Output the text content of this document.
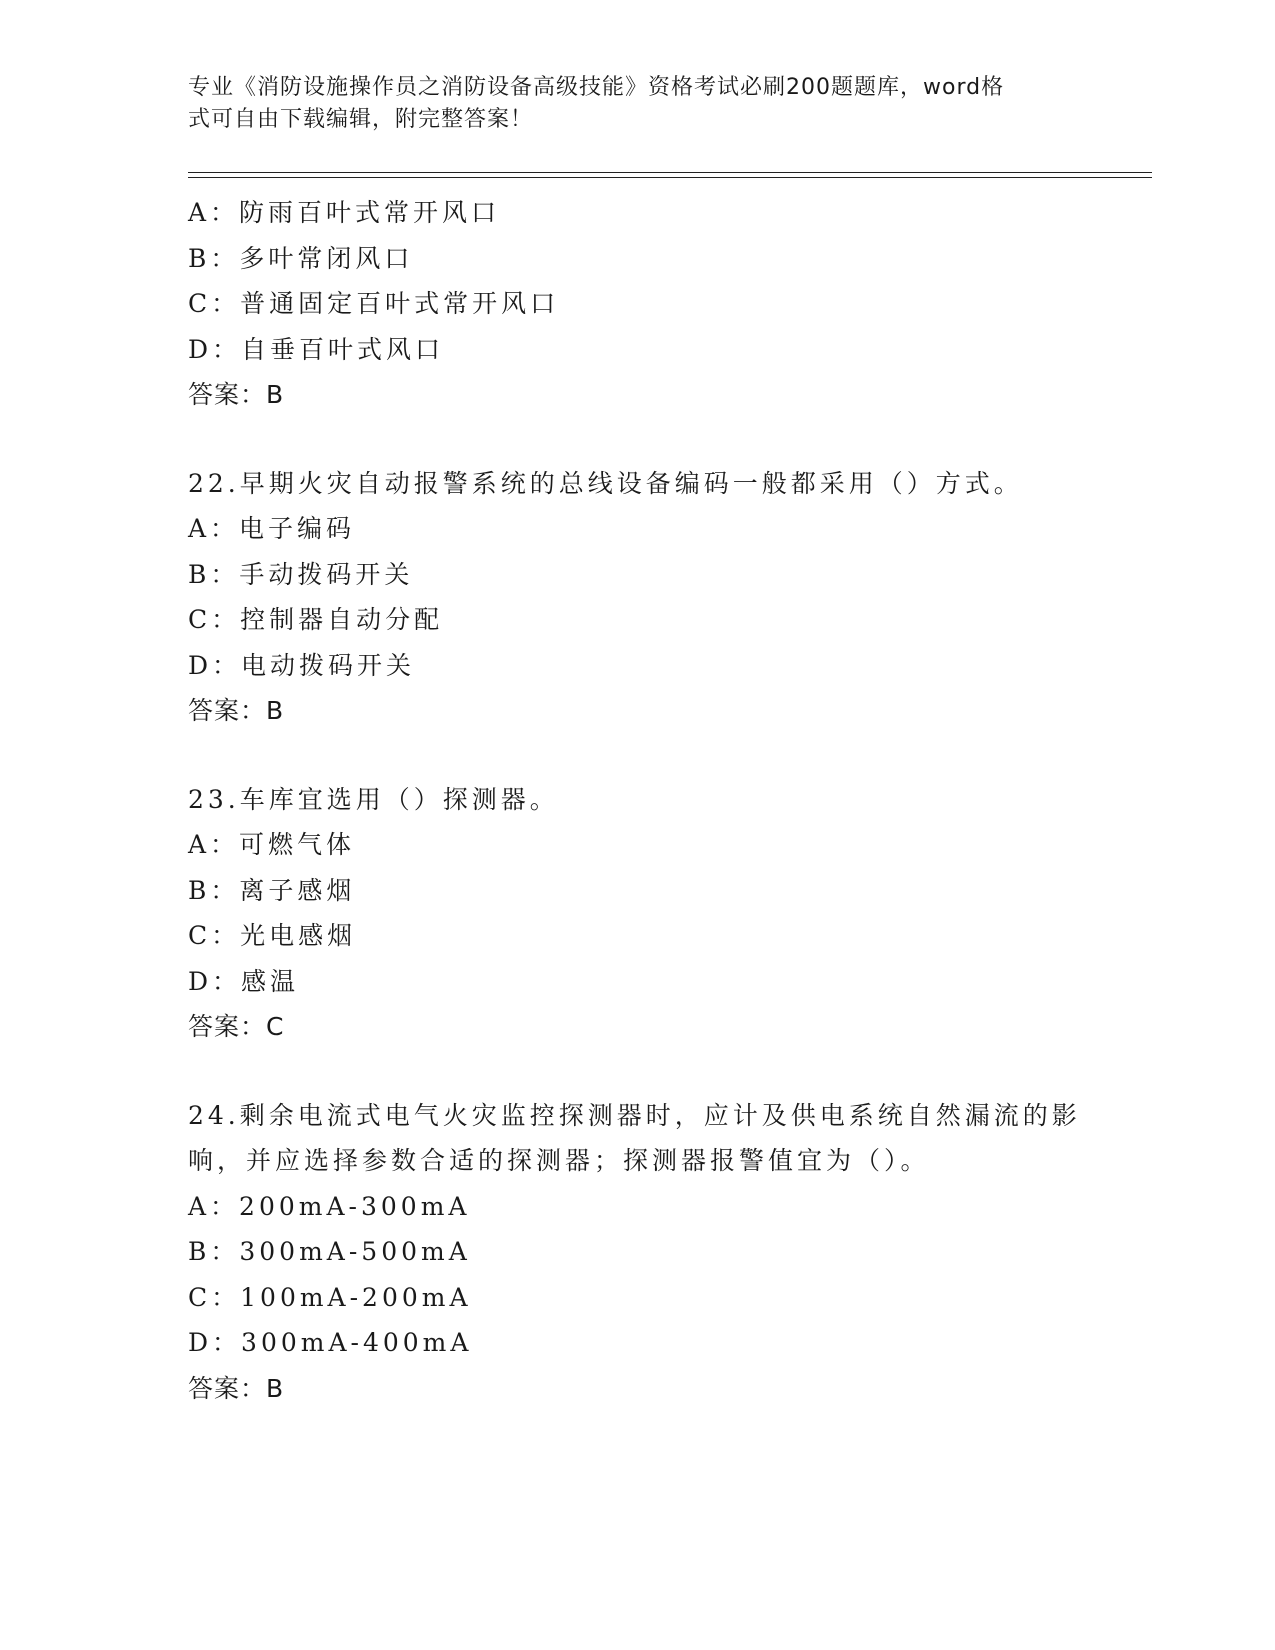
专业《消防设施操作员之消防设备高级技能》资格考试必刷200题题库，word格

式可自由下载编辑，附完整答案！

A：防雨百叶式常开风口
B：多叶常闭风口
C：普通固定百叶式常开风口
D：自垂百叶式风口
答案：B
22.早期火灾自动报警系统的总线设备编码一般都采用（）方式。
A：电子编码
B：手动拨码开关
C：控制器自动分配
D：电动拨码开关
答案：B
23.车库宜选用（）探测器。
A：可燃气体
B：离子感烟
C：光电感烟
D：感温
答案：C
24.剩余电流式电气火灾监控探测器时，应计及供电系统自然漏流的影
响，并应选择参数合适的探测器；探测器报警值宜为（）。
A：200mA-300mA
B：300mA-500mA
C：100mA-200mA
D：300mA-400mA
答案：B
